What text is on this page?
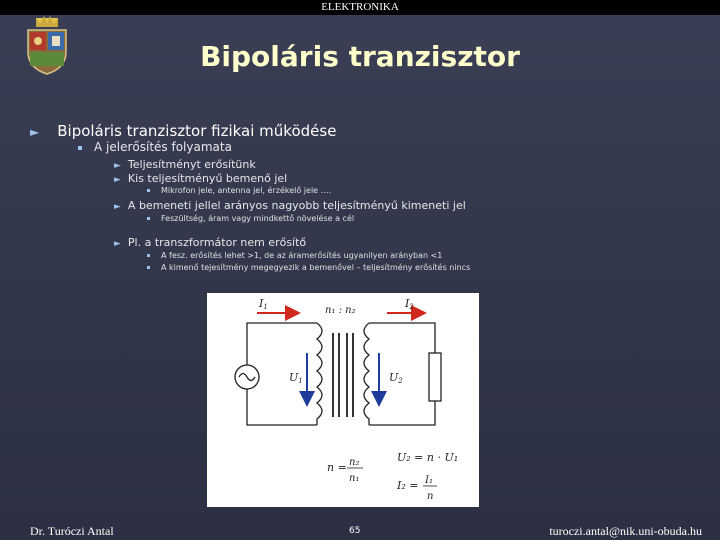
ELEKTRONIKA
Bipoláris tranzisztor
► Bipoláris tranzisztor fizikai működése
A jelerősítés folyamata
► Teljesítményt erősítünk
► Kis teljesítményű bemenő jel
Mikrofon jele, antenna jel, érzékelő jele ….
► A bemeneti jellel arányos nagyobb teljesítményű kimeneti jel
Feszültség, áram vagy mindkettő növelése a cél
► Pl. a transzformátor nem erősítő
A fesz. erősítés lehet >1, de az áramerősítés ugyanilyen arányban <1
A kimenő tejesítmény megegyezik a bemenővel – teljesítmény erősítés nincs
I1	I2
n₁ : n₂
U1	U2
U₂ = n · U₁
n = n₂
n₁
I₂ = I₁
n
Dr. Turóczi Antal	65	turoczi.antal@nik.uni-obuda.hu
